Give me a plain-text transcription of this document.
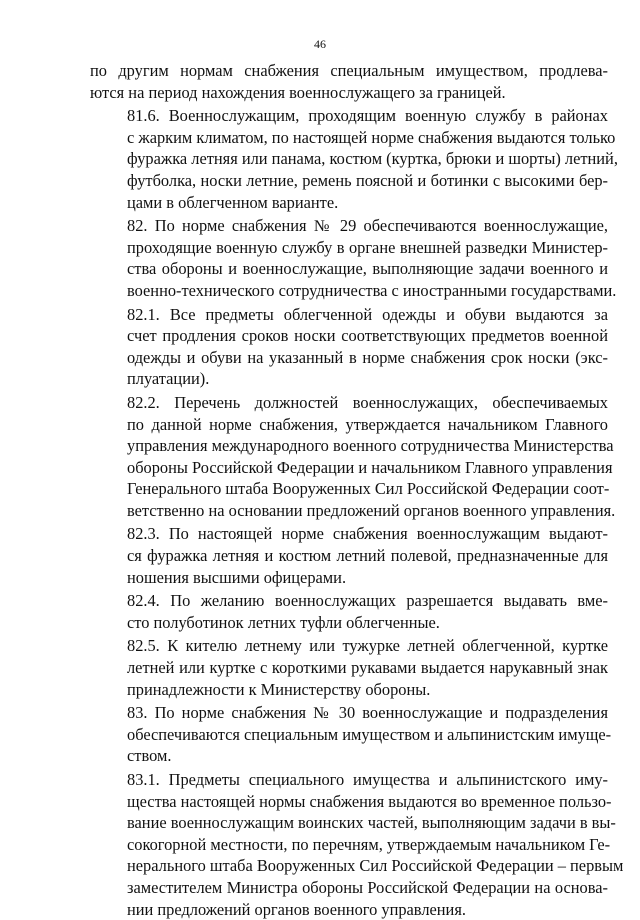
46
по другим нормам снабжения специальным имуществом, продлева-
ются на период нахождения военнослужащего за границей.
81.6. Военнослужащим, проходящим военную службу в районах
с жарким климатом, по настоящей норме снабжения выдаются только
фуражка летняя или панама, костюм (куртка, брюки и шорты) летний,
футболка, носки летние, ремень поясной и ботинки с высокими бер-
цами в облегченном варианте.
82. По норме снабжения № 29 обеспечиваются военнослужащие,
проходящие военную службу в органе внешней разведки Министер-
ства обороны и военнослужащие, выполняющие задачи военного и
военно-технического сотрудничества с иностранными государствами.
82.1. Все предметы облегченной одежды и обуви выдаются за
счет продления сроков носки соответствующих предметов военной
одежды и обуви на указанный в норме снабжения срок носки (экс-
плуатации).
82.2. Перечень должностей военнослужащих, обеспечиваемых
по данной норме снабжения, утверждается начальником Главного
управления международного военного сотрудничества Министерства
обороны Российской Федерации и начальником Главного управления
Генерального штаба Вооруженных Сил Российской Федерации соот-
ветственно на основании предложений органов военного управления.
82.3. По настоящей норме снабжения военнослужащим выдают-
ся фуражка летняя и костюм летний полевой, предназначенные для
ношения высшими офицерами.
82.4. По желанию военнослужащих разрешается выдавать вме-
сто полуботинок летних туфли облегченные.
82.5. К кителю летнему или тужурке летней облегченной, куртке
летней или куртке с короткими рукавами выдается нарукавный знак
принадлежности к Министерству обороны.
83. По норме снабжения № 30 военнослужащие и подразделения
обеспечиваются специальным имуществом и альпинистским имуще-
ством.
83.1. Предметы специального имущества и альпинистского иму-
щества настоящей нормы снабжения выдаются во временное пользо-
вание военнослужащим воинских частей, выполняющим задачи в вы-
сокогорной местности, по перечням, утверждаемым начальником Ге-
нерального штаба Вооруженных Сил Российской Федерации – первым
заместителем Министра обороны Российской Федерации на основа-
нии предложений органов военного управления.
